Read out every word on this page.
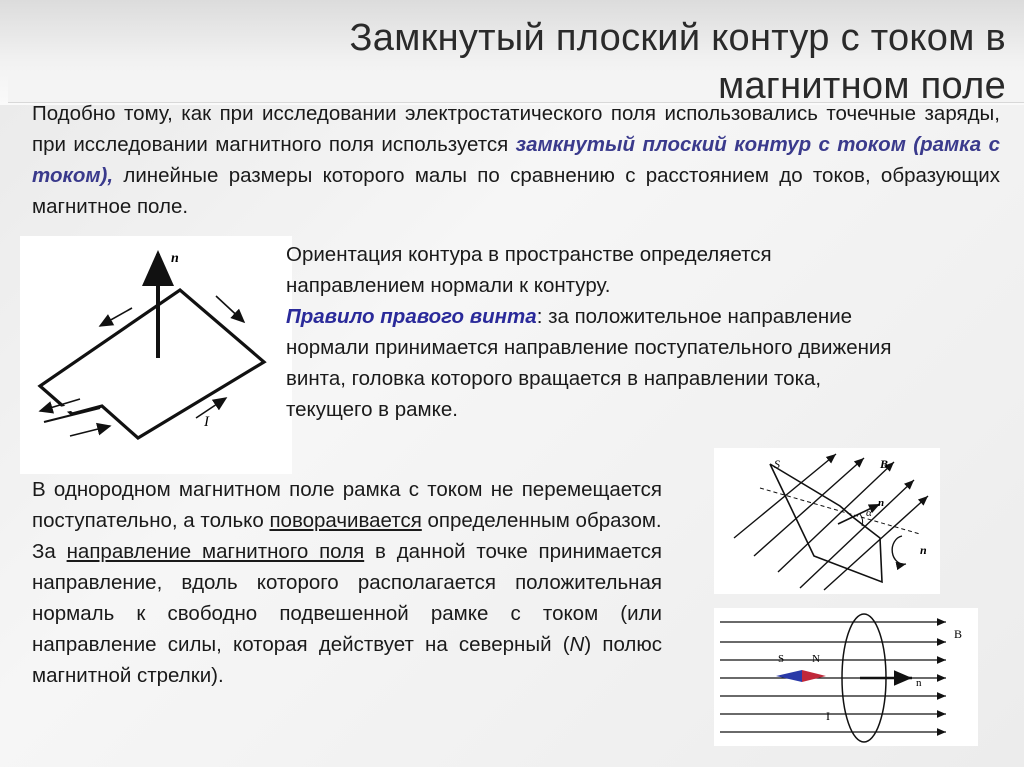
Замкнутый плоский контур с током в магнитном поле
Подобно тому, как при исследовании электростатического поля использовались точечные заряды, при исследовании магнитного поля используется замкнутый плоский контур с током (рамка с током), линейные размеры которого малы по сравнению с расстоянием до токов, образующих магнитное поле.
n
I
Ориентация контура в пространстве определяется направлением нормали к контуру.
Правило правого винта: за положительное направление нормали принимается направление поступательного движения винта, головка которого вращается в направлении тока, текущего в рамке.
В однородном магнитном поле рамка с током не перемещается поступательно, а только поворачивается определенным образом.
За направление магнитного поля в данной точке принимается направление, вдоль которого располагается положительная нормаль к свободно подвешенной рамке с током (или направление силы, которая действует на северный (N) полюс магнитной стрелки).
S	B
n
α
n
S	N
B
n
I
